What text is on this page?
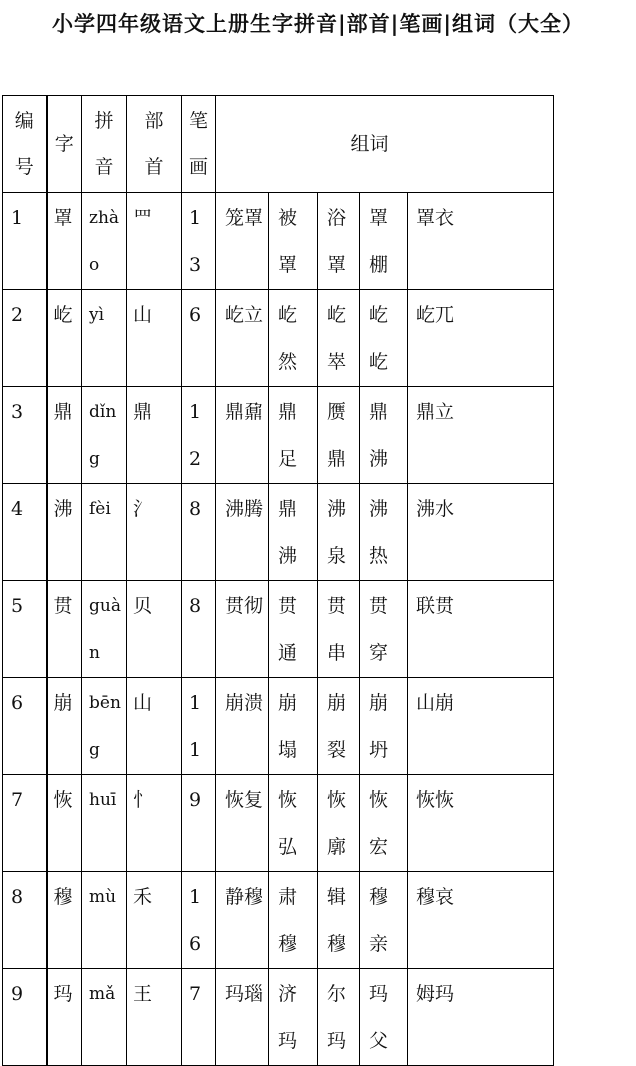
小学四年级语文上册生字拼音|部首|笔画|组词（大全）
编号	字	拼音	部首	笔画	组词				
1	罩	zhào	罒	13	笼罩	被罩	浴罩	罩棚	罩衣
2	屹	yì	山	6	屹立	屹然	屹崒	屹屹	屹兀
3	鼎	dǐng	鼎	12	鼎鼐	鼎足	赝鼎	鼎沸	鼎立
4	沸	fèi	氵	8	沸腾	鼎沸	沸泉	沸热	沸水
5	贯	guàn	贝	8	贯彻	贯通	贯串	贯穿	联贯
6	崩	bēng	山	11	崩溃	崩塌	崩裂	崩坍	山崩
7	恢	huī	忄	9	恢复	恢弘	恢廓	恢宏	恢恢
8	穆	mù	禾	16	静穆	肃穆	辑穆	穆亲	穆哀
9	玛	mǎ	王	7	玛瑙	济玛	尔玛	玛父	姆玛
